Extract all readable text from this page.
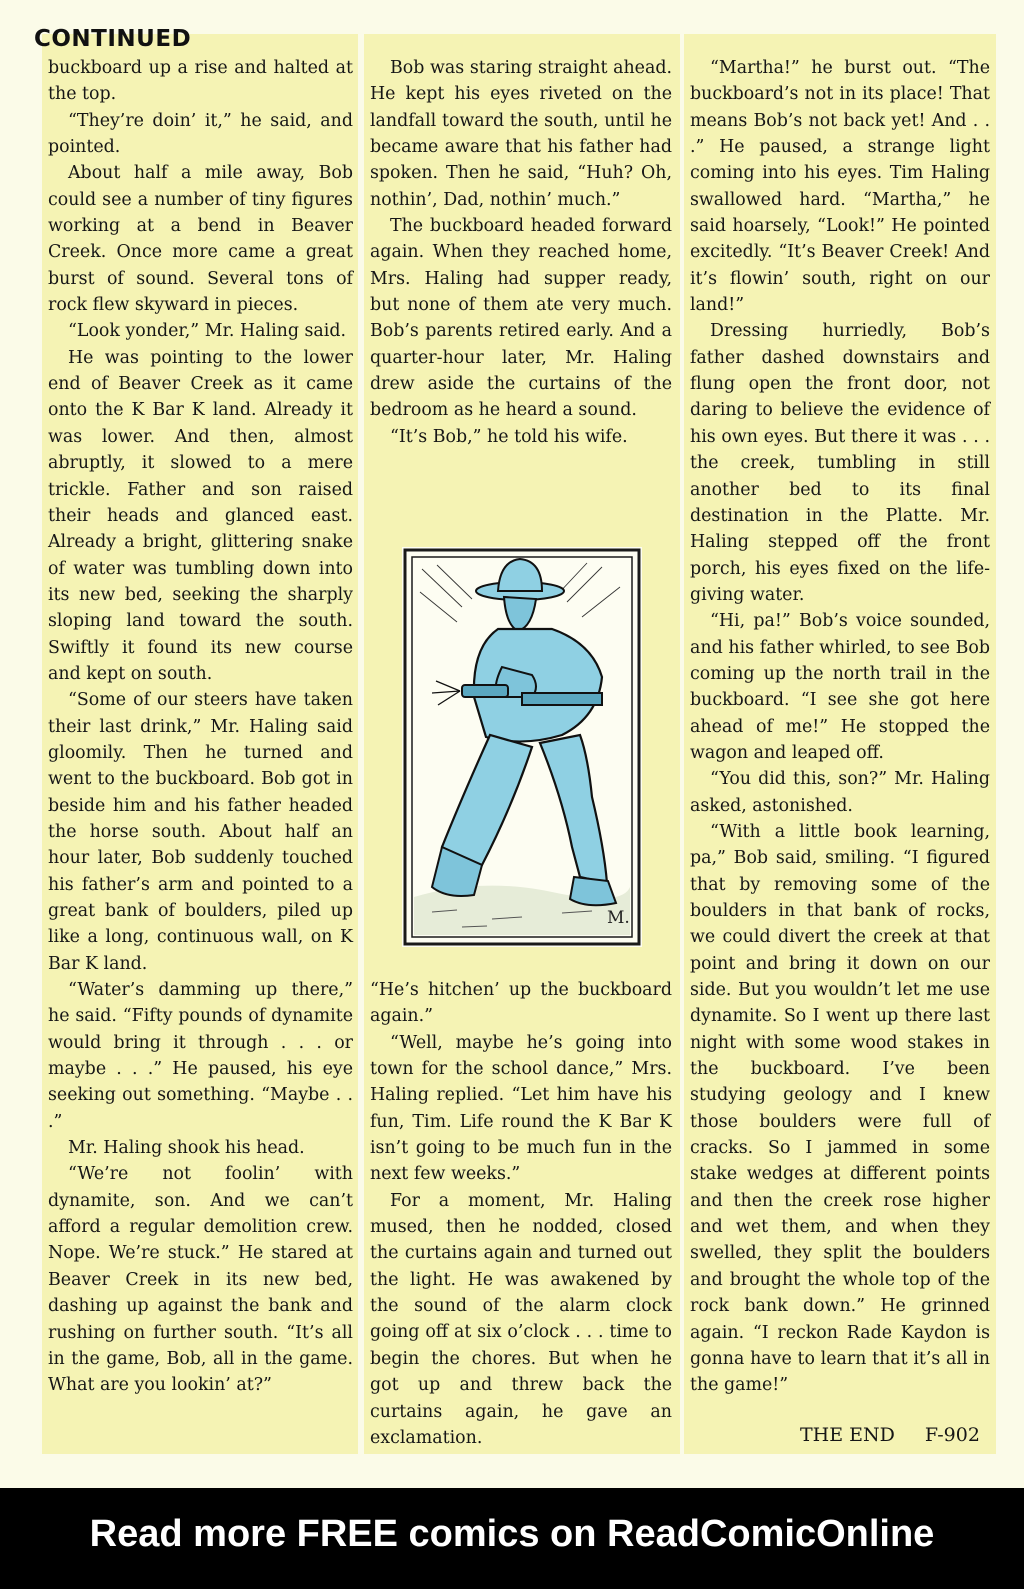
CONTINUED

buckboard up a rise and halted at the top.

“They’re doin’ it,” he said, and pointed.

About half a mile away, Bob could see a number of tiny figures working at a bend in Beaver Creek. Once more came a great burst of sound. Several tons of rock flew skyward in pieces.

“Look yonder,” Mr. Haling said.

He was pointing to the lower end of Beaver Creek as it came onto the K Bar K land. Already it was lower. And then, almost abruptly, it slowed to a mere trickle. Father and son raised their heads and glanced east. Already a bright, glittering snake of water was tumbling down into its new bed, seeking the sharply sloping land toward the south. Swiftly it found its new course and kept on south.

“Some of our steers have taken their last drink,” Mr. Haling said gloomily. Then he turned and went to the buckboard. Bob got in beside him and his father headed the horse south. About half an hour later, Bob suddenly touched his father’s arm and pointed to a great bank of boulders, piled up like a long, continuous wall, on K Bar K land.

“Water’s damming up there,” he said. “Fifty pounds of dynamite would bring it through . . . or maybe . . .” He paused, his eye seeking out something. “Maybe . . .”

Mr. Haling shook his head.

“We’re not foolin’ with dynamite, son. And we can’t afford a regular demolition crew. Nope. We’re stuck.” He stared at Beaver Creek in its new bed, dashing up against the bank and rushing on further south. “It’s all in the game, Bob, all in the game. What are you lookin’ at?”

Bob was staring straight ahead. He kept his eyes riveted on the landfall toward the south, until he became aware that his father had spoken. Then he said, “Huh? Oh, nothin’, Dad, nothin’ much.”

The buckboard headed forward again. When they reached home, Mrs. Haling had supper ready, but none of them ate very much. Bob’s parents retired early. And a quarter-hour later, Mr. Haling drew aside the curtains of the bedroom as he heard a sound.

“It’s Bob,” he told his wife.

M.

“He’s hitchen’ up the buckboard again.”

“Well, maybe he’s going into town for the school dance,” Mrs. Haling replied. “Let him have his fun, Tim. Life round the K Bar K isn’t going to be much fun in the next few weeks.”

For a moment, Mr. Haling mused, then he nodded, closed the curtains again and turned out the light. He was awakened by the sound of the alarm clock going off at six o’clock . . . time to begin the chores. But when he got up and threw back the curtains again, he gave an exclamation.

“Martha!” he burst out. “The buckboard’s not in its place! That means Bob’s not back yet! And . . .” He paused, a strange light coming into his eyes. Tim Haling swallowed hard. “Martha,” he said hoarsely, “Look!” He pointed excitedly. “It’s Beaver Creek! And it’s flowin’ south, right on our land!”

Dressing hurriedly, Bob’s father dashed downstairs and flung open the front door, not daring to believe the evidence of his own eyes. But there it was . . . the creek, tumbling in still another bed to its final destination in the Platte. Mr. Haling stepped off the front porch, his eyes fixed on the life-giving water.

“Hi, pa!” Bob’s voice sounded, and his father whirled, to see Bob coming up the north trail in the buckboard. “I see she got here ahead of me!” He stopped the wagon and leaped off.

“You did this, son?” Mr. Haling asked, astonished.

“With a little book learning, pa,” Bob said, smiling. “I figured that by removing some of the boulders in that bank of rocks, we could divert the creek at that point and bring it down on our side. But you wouldn’t let me use dynamite. So I went up there last night with some wood stakes in the buckboard. I’ve been studying geology and I knew those boulders were full of cracks. So I jammed in some stake wedges at different points and then the creek rose higher and wet them, and when they swelled, they split the boulders and brought the whole top of the rock bank down.” He grinned again. “I reckon Rade Kaydon is gonna have to learn that it’s all in the game!”

THE END F-902
Read more FREE comics on ReadComicOnline
